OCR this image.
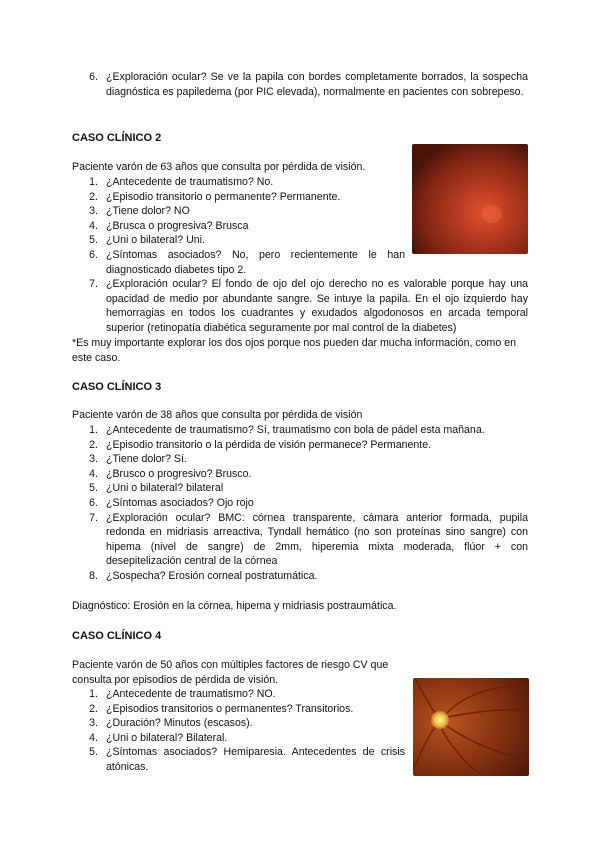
6. ¿Exploración ocular? Se ve la papila con bordes completamente borrados, la sospecha diagnóstica es papiledema (por PIC elevada), normalmente en pacientes con sobrepeso.
CASO CLÍNICO 2
Paciente varón de 63 años que consulta por pérdida de visión.
1. ¿Antecedente de traumatismo? No.
2. ¿Episodio transitorio o permanente? Permanente.
3. ¿Tiene dolor? NO
4. ¿Brusca o progresiva? Brusca
5. ¿Uni o bilateral? Uni.
6. ¿Síntomas asociados? No, pero recientemente le han diagnosticado diabetes tipo 2.
7. ¿Exploración ocular? El fondo de ojo del ojo derecho no es valorable porque hay una opacidad de medio por abundante sangre. Se intuye la papila. En el ojo izquierdo hay hemorragias en todos los cuadrantes y exudados algodonosos en arcada temporal superior (retinopatía diabética seguramente por mal control de la diabetes)
*Es muy importante explorar los dos ojos porque nos pueden dar mucha información, como en este caso.
CASO CLÍNICO 3
Paciente varón de 38 años que consulta por pérdida de visión
1. ¿Antecedente de traumatismo? Sí, traumatismo con bola de pádel esta mañana.
2. ¿Episodio transitorio o la pérdida de visión permanece? Permanente.
3. ¿Tiene dolor? Sí.
4. ¿Brusco o progresivo? Brusco.
5. ¿Uni o bilateral? bilateral
6. ¿Síntomas asociados? Ojo rojo
7. ¿Exploración ocular? BMC: córnea transparente, cámara anterior formada, pupila redonda en midriasis arreactiva, Tyndall hemático (no son proteínas sino sangre) con hipema (nivel de sangre) de 2mm, hiperemia mixta moderada, flúor + con desepitelización central de la córnea
8. ¿Sospecha? Erosión corneal postratumática.
Diagnóstico: Erosión en la córnea, hipema y midriasis postraumática.
CASO CLÍNICO 4
Paciente varón de 50 años con múltiples factores de riesgo CV que consulta por episodios de pérdida de visión.
1. ¿Antecedente de traumatismo? NO.
2. ¿Episodios transitorios o permanentes? Transitorios.
3. ¿Duración? Minutos (escasos).
4. ¿Uni o bilateral? Bilateral.
5. ¿Síntomas asociados? Hemiparesia. Antecedentes de crisis atónicas.
